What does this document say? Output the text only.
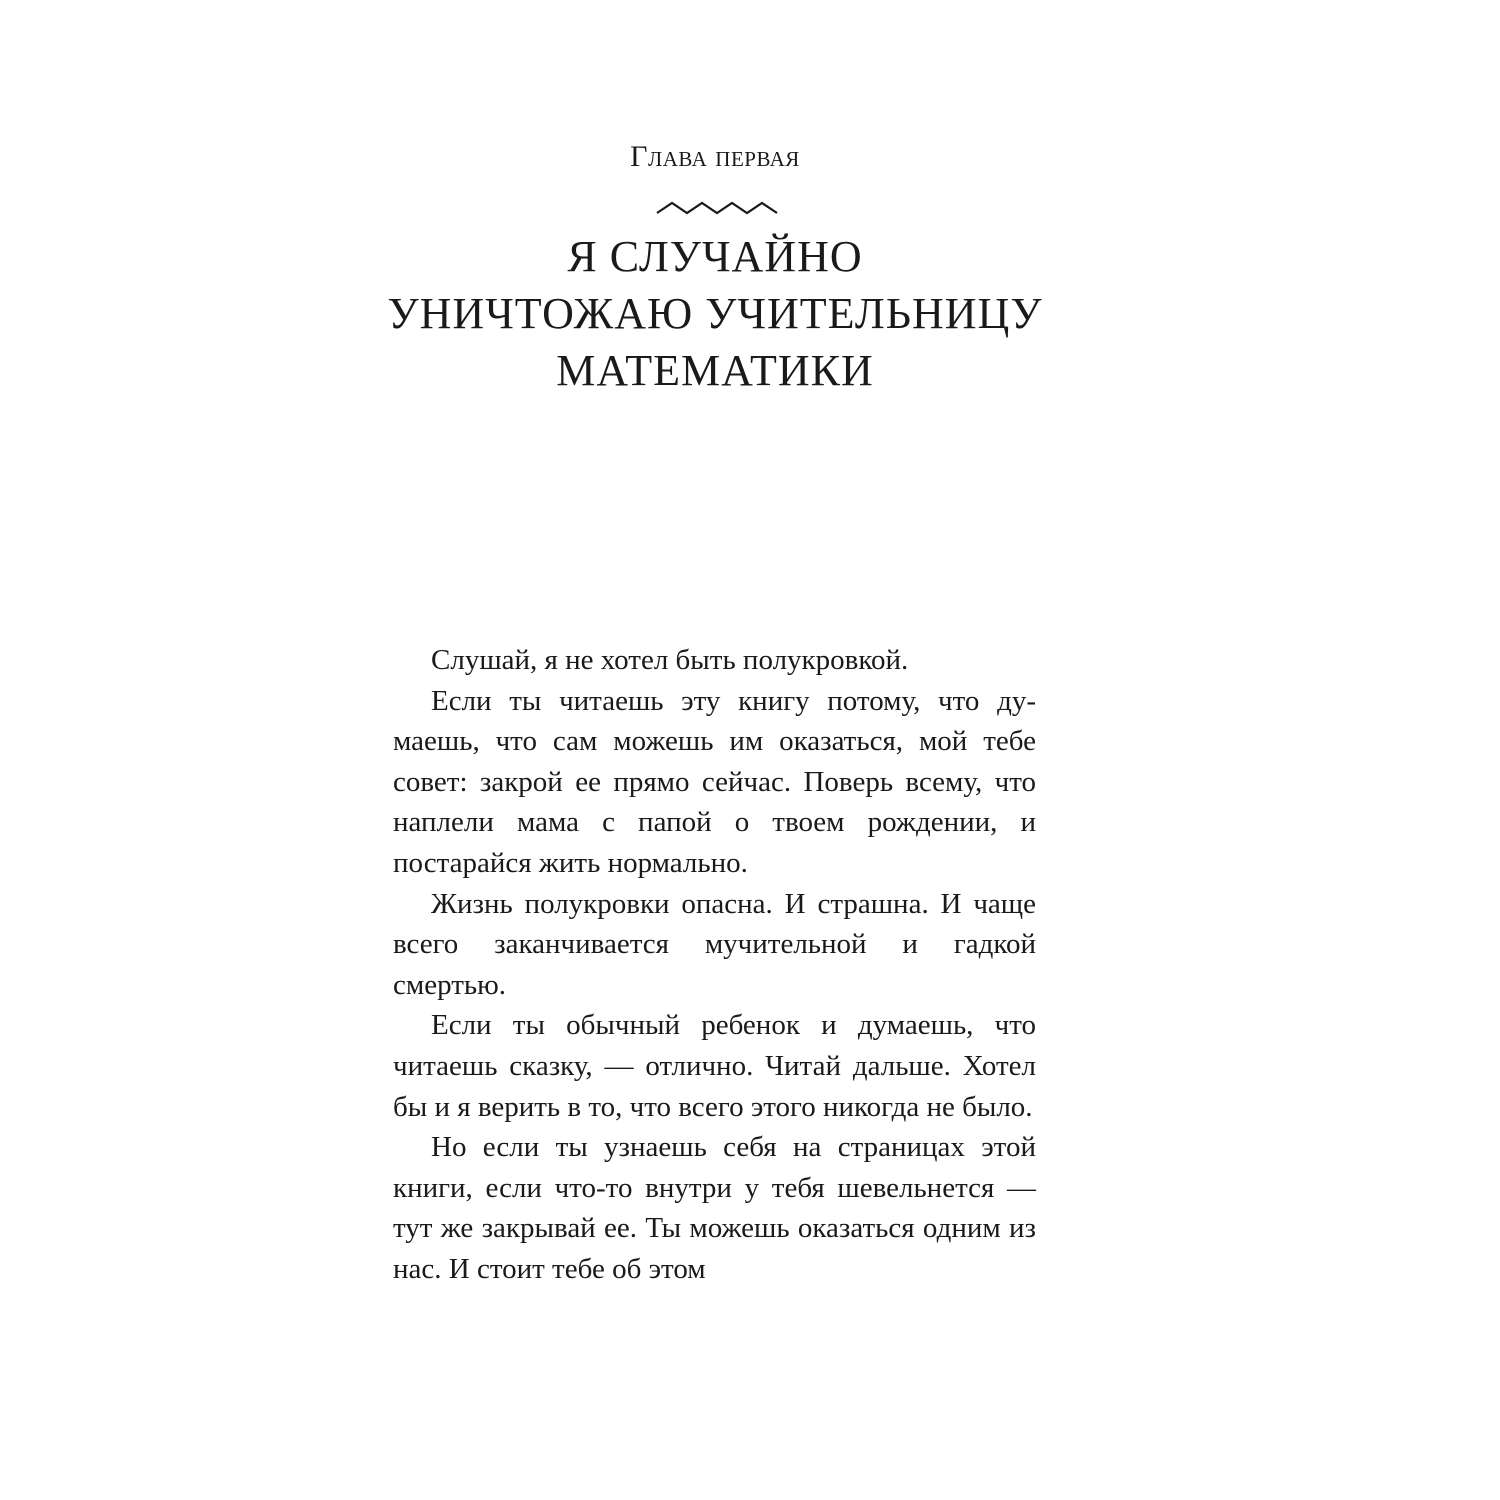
Глава первая
Я СЛУЧАЙНО
УНИЧТОЖАЮ УЧИТЕЛЬНИЦУ
МАТЕМАТИКИ

Слушай, я не хотел быть полукровкой.

Если ты читаешь эту книгу потому, что думаешь, что сам можешь им оказаться, мой тебе совет: закрой ее прямо сейчас. Поверь всему, что наплели мама с папой о твоем рождении, и постарайся жить нормально.

Жизнь полукровки опасна. И страшна. И чаще всего заканчивается мучительной и гадкой смертью.

Если ты обычный ребенок и думаешь, что читаешь сказку, — отлично. Читай дальше. Хотел бы и я верить в то, что всего этого никогда не было.

Но если ты узнаешь себя на страницах этой книги, если что-то внутри у тебя шевельнется — тут же закрывай ее. Ты можешь оказаться одним из нас. И стоит тебе об этом
